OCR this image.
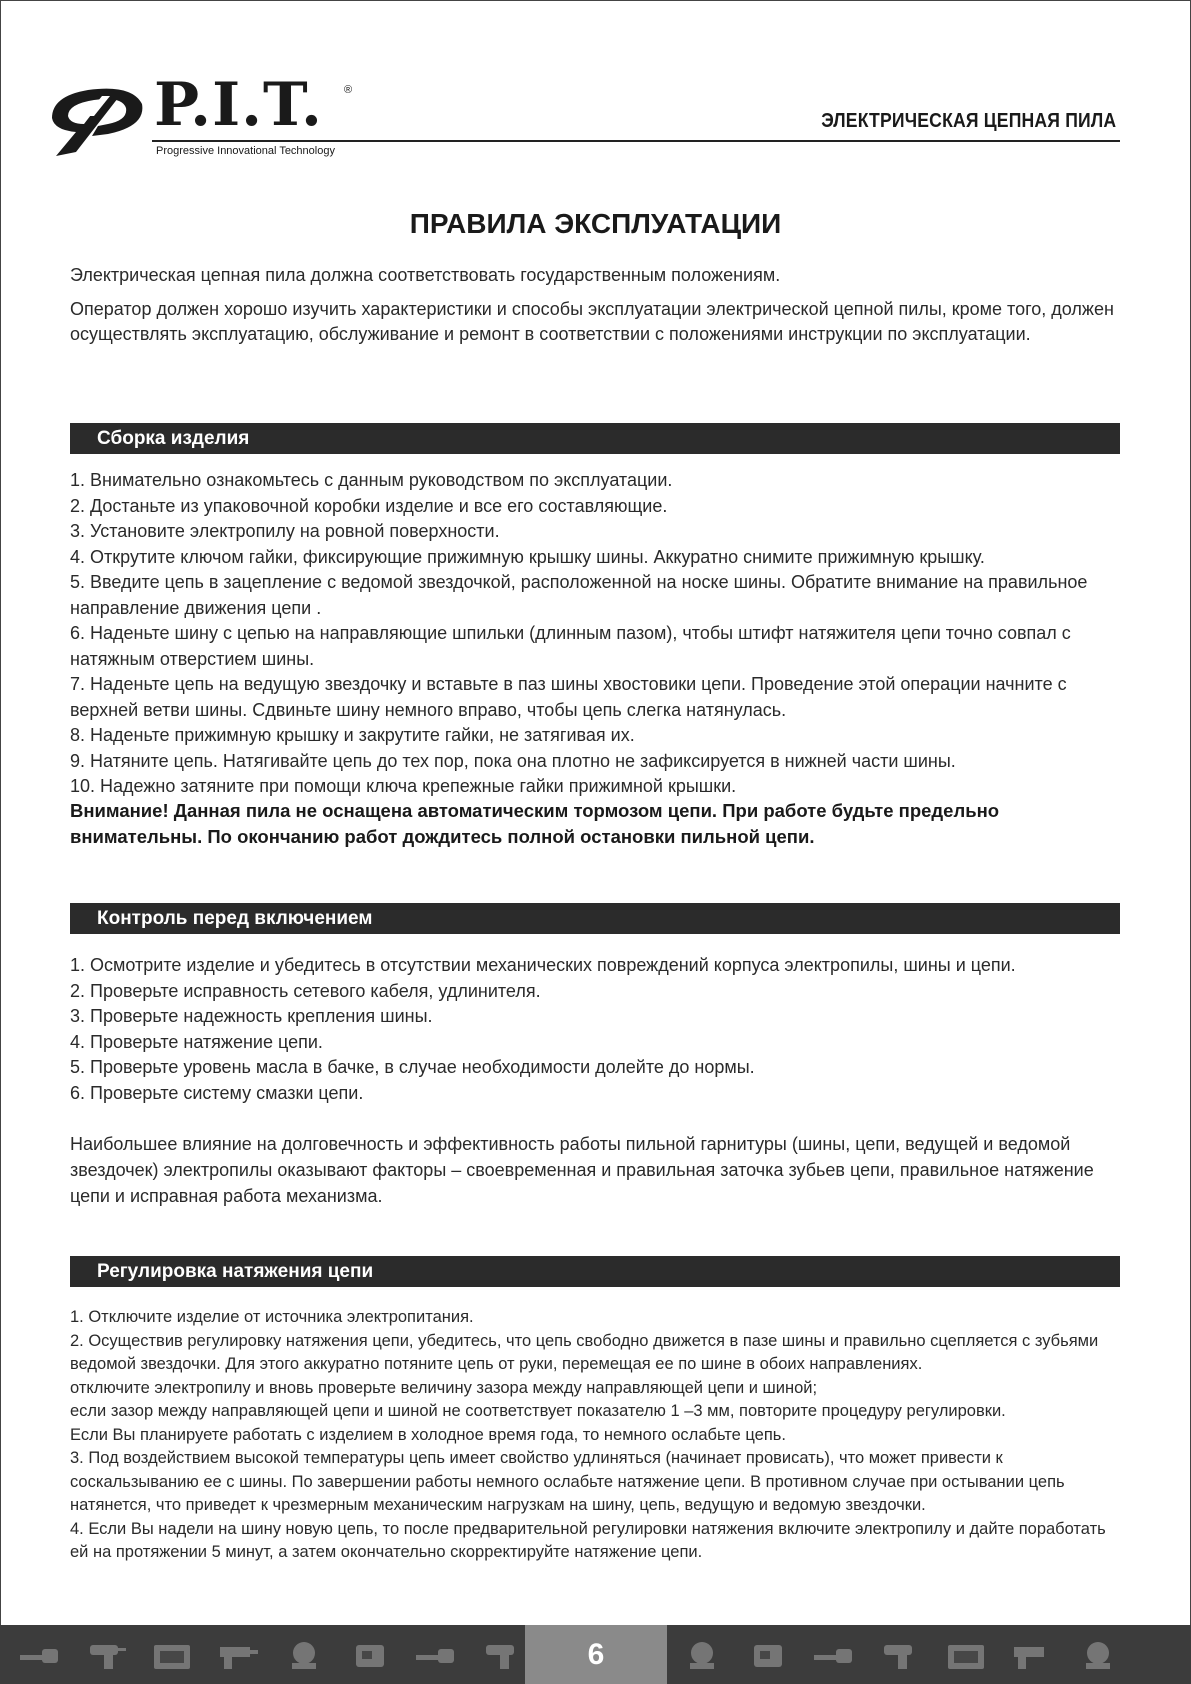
P.I.T. ®
Progressive Innovational Technology
ЭЛЕКТРИЧЕСКАЯ ЦЕПНАЯ ПИЛА
ПРАВИЛА ЭКСПЛУАТАЦИИ

Электрическая цепная пила должна соответствовать государственным положениям.

Оператор должен хорошо изучить характеристики и способы эксплуатации электрической цепной пилы, кроме того, должен осуществлять эксплуатацию, обслуживание и ремонт в соответствии с положениями инструкции по эксплуатации.

Сборка изделия
1. Внимательно ознакомьтесь с данным руководством по эксплуатации.
2. Достаньте из упаковочной коробки изделие и все его составляющие.
3. Установите электропилу на ровной поверхности.
4. Открутите ключом гайки, фиксирующие прижимную крышку шины. Аккуратно снимите прижимную крышку.
5. Введите цепь в зацепление с ведомой звездочкой, расположенной на носке шины. Обратите внимание на правильное направление движения цепи .
6. Наденьте шину с цепью на направляющие шпильки (длинным пазом), чтобы штифт натяжителя цепи точно совпал с натяжным отверстием шины.
7. Наденьте цепь на ведущую звездочку и вставьте в паз шины хвостовики цепи. Проведение этой операции начните с верхней ветви шины. Сдвиньте шину немного вправо, чтобы цепь слегка натянулась.
8. Наденьте прижимную крышку и закрутите гайки, не затягивая их.
9. Натяните цепь. Натягивайте цепь до тех пор, пока она плотно не зафиксируется в нижней части шины.
10. Надежно затяните при помощи ключа крепежные гайки прижимной крышки.

Внимание! Данная пила не оснащена автоматическим тормозом цепи. При работе будьте предельно внимательны. По окончанию работ дождитесь полной остановки пильной цепи.

Контроль перед включением
1. Осмотрите изделие и убедитесь в отсутствии механических повреждений корпуса электропилы, шины и цепи.
2. Проверьте исправность сетевого кабеля, удлинителя.
3. Проверьте надежность крепления шины.
4. Проверьте натяжение цепи.
5. Проверьте уровень масла в бачке, в случае необходимости долейте до нормы.
6. Проверьте систему смазки цепи.

Наибольшее влияние на долговечность и эффективность работы пильной гарнитуры (шины, цепи, ведущей и ведомой звездочек) электропилы оказывают факторы – своевременная и правильная заточка зубьев цепи, правильное натяжение цепи и исправная работа механизма.

Регулировка натяжения цепи
1. Отключите изделие от источника электропитания.
2. Осуществив регулировку натяжения цепи, убедитесь, что цепь свободно движется в пазе шины и правильно сцепляется с зубьями ведомой звездочки. Для этого аккуратно потяните цепь от руки, перемещая ее по шине в обоих направлениях.
отключите электропилу и вновь проверьте величину зазора между направляющей цепи и шиной;
если зазор между направляющей цепи и шиной не соответствует показателю 1 –3 мм, повторите процедуру регулировки.
Если Вы планируете работать с изделием в холодное время года, то немного ослабьте цепь.
3. Под воздействием высокой температуры цепь имеет свойство удлиняться (начинает провисать), что может привести к соскальзыванию ее с шины. По завершении работы немного ослабьте натяжение цепи. В противном случае при остывании цепь натянется, что приведет к чрезмерным механическим нагрузкам на шину, цепь, ведущую и ведомую звездочки.
4. Если Вы надели на шину новую цепь, то после предварительной регулировки натяжения включите электропилу и дайте поработать ей на протяжении 5 минут, а затем окончательно скорректируйте натяжение цепи.
6
